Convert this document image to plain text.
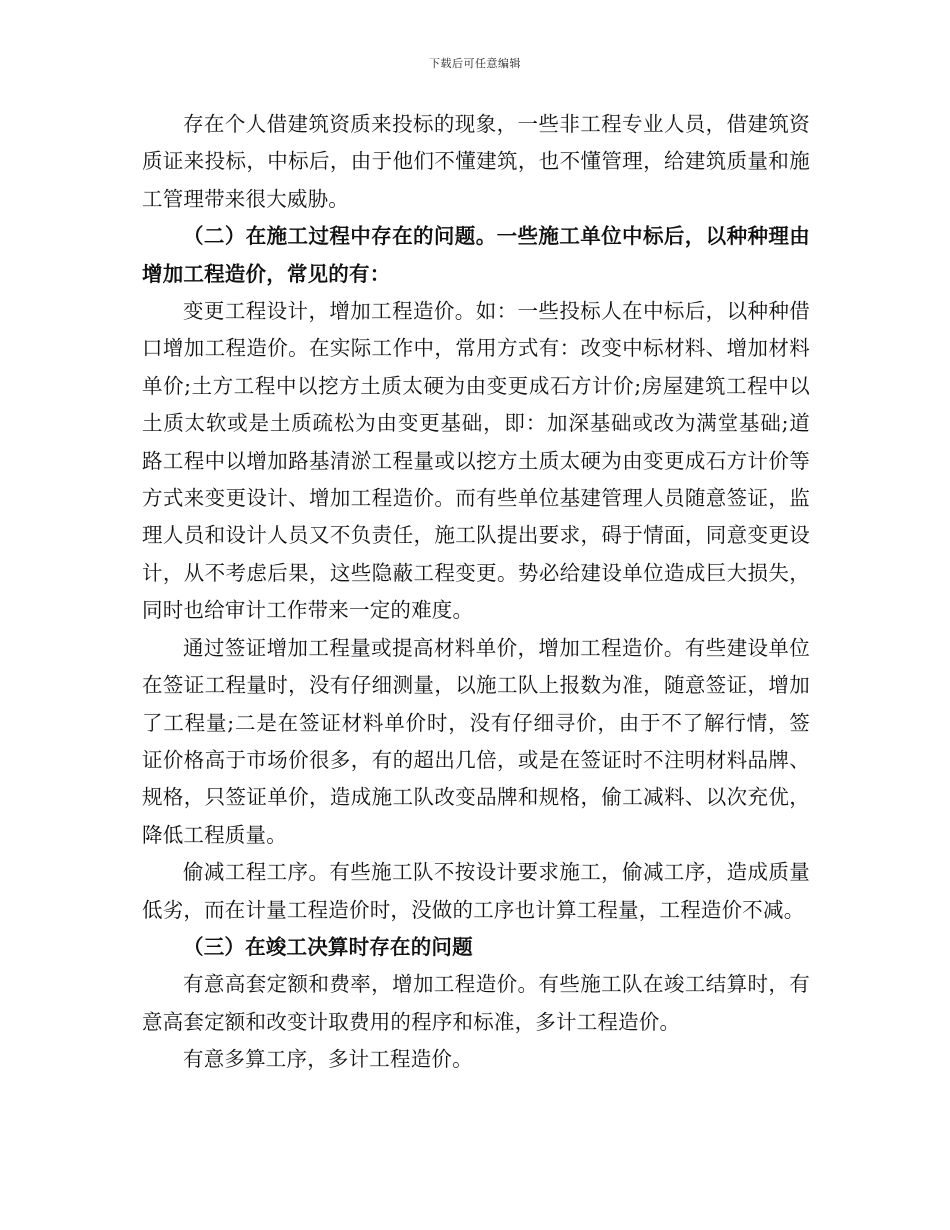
下载后可任意编辑

存在个人借建筑资质来投标的现象，一些非工程专业人员，借建筑资质证来投标，中标后，由于他们不懂建筑，也不懂管理，给建筑质量和施工管理带来很大威胁。

（二）在施工过程中存在的问题。一些施工单位中标后，以种种理由增加工程造价，常见的有：

变更工程设计，增加工程造价。如：一些投标人在中标后，以种种借口增加工程造价。在实际工作中，常用方式有：改变中标材料、增加材料单价;土方工程中以挖方土质太硬为由变更成石方计价;房屋建筑工程中以土质太软或是土质疏松为由变更基础，即：加深基础或改为满堂基础;道路工程中以增加路基清淤工程量或以挖方土质太硬为由变更成石方计价等方式来变更设计、增加工程造价。而有些单位基建管理人员随意签证，监理人员和设计人员又不负责任，施工队提出要求，碍于情面，同意变更设计，从不考虑后果，这些隐蔽工程变更。势必给建设单位造成巨大损失，同时也给审计工作带来一定的难度。

通过签证增加工程量或提高材料单价，增加工程造价。有些建设单位在签证工程量时，没有仔细测量，以施工队上报数为准，随意签证，增加了工程量;二是在签证材料单价时，没有仔细寻价，由于不了解行情，签证价格高于市场价很多，有的超出几倍，或是在签证时不注明材料品牌、规格，只签证单价，造成施工队改变品牌和规格，偷工减料、以次充优，降低工程质量。

偷减工程工序。有些施工队不按设计要求施工，偷减工序，造成质量低劣，而在计量工程造价时，没做的工序也计算工程量，工程造价不减。

（三）在竣工决算时存在的问题

有意高套定额和费率，增加工程造价。有些施工队在竣工结算时，有意高套定额和改变计取费用的程序和标准，多计工程造价。

有意多算工序，多计工程造价。
